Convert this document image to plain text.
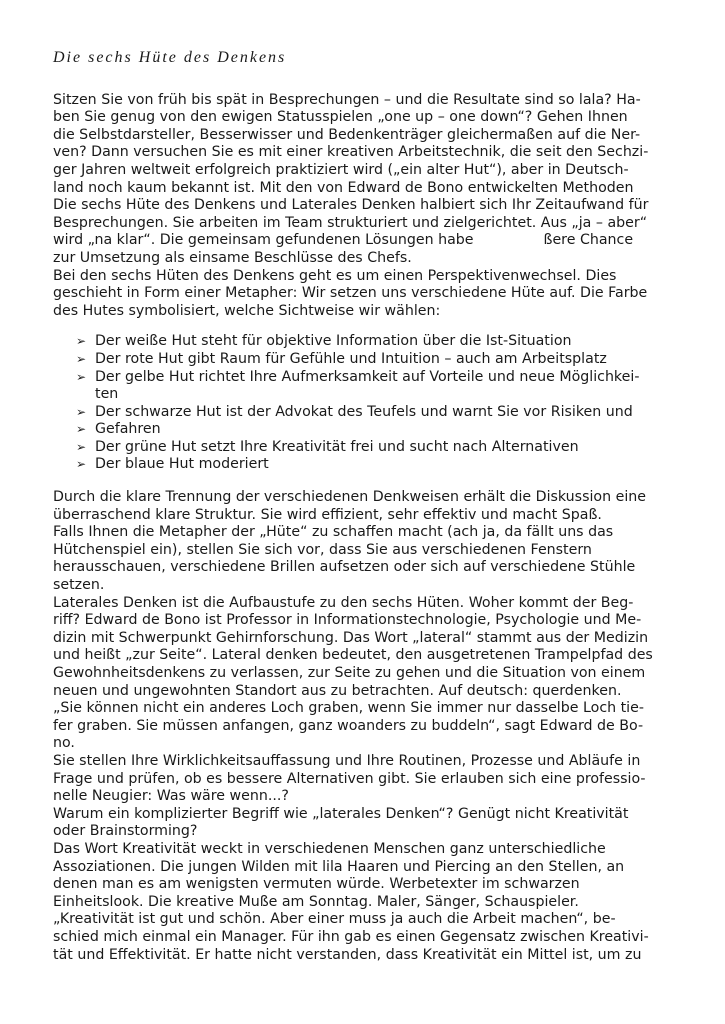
Die sechs Hüte des Denkens
Sitzen Sie von früh bis spät in Besprechungen – und die Resultate sind so lala? Ha-
ben Sie genug von den ewigen Statusspielen „one up – one down“? Gehen Ihnen
die Selbstdarsteller, Besserwisser und Bedenkenträger gleichermaßen auf die Ner-
ven? Dann versuchen Sie es mit einer kreativen Arbeitstechnik, die seit den Sechzi-
ger Jahren weltweit erfolgreich praktiziert wird („ein alter Hut“), aber in Deutsch-
land noch kaum bekannt ist. Mit den von Edward de Bono entwickelten Methoden
Die sechs Hüte des Denkens und Laterales Denken halbiert sich Ihr Zeitaufwand für
Besprechungen. Sie arbeiten im Team strukturiert und zielgerichtet. Aus „ja – aber“
wird „na klar“. Die gemeinsam gefundenen Lösungen habe	ßere Chance
zur Umsetzung als einsame Beschlüsse des Chefs.
Bei den sechs Hüten des Denkens geht es um einen Perspektivenwechsel. Dies
geschieht in Form einer Metapher: Wir setzen uns verschiedene Hüte auf. Die Farbe
des Hutes symbolisiert, welche Sichtweise wir wählen:
➢ Der weiße Hut steht für objektive Information über die Ist-Situation
➢ Der rote Hut gibt Raum für Gefühle und Intuition – auch am Arbeitsplatz
➢ Der gelbe Hut richtet Ihre Aufmerksamkeit auf Vorteile und neue Möglichkei-
ten
➢ Der schwarze Hut ist der Advokat des Teufels und warnt Sie vor Risiken und
➢ Gefahren
➢ Der grüne Hut setzt Ihre Kreativität frei und sucht nach Alternativen
➢ Der blaue Hut moderiert
Durch die klare Trennung der verschiedenen Denkweisen erhält die Diskussion eine
überraschend klare Struktur. Sie wird effizient, sehr effektiv und macht Spaß.
Falls Ihnen die Metapher der „Hüte“ zu schaffen macht (ach ja, da fällt uns das
Hütchenspiel ein), stellen Sie sich vor, dass Sie aus verschiedenen Fenstern
herausschauen, verschiedene Brillen aufsetzen oder sich auf verschiedene Stühle
setzen.
Laterales Denken ist die Aufbaustufe zu den sechs Hüten. Woher kommt der Beg-
riff? Edward de Bono ist Professor in Informationstechnologie, Psychologie und Me-
dizin mit Schwerpunkt Gehirnforschung. Das Wort „lateral“ stammt aus der Medizin
und heißt „zur Seite“. Lateral denken bedeutet, den ausgetretenen Trampelpfad des
Gewohnheitsdenkens zu verlassen, zur Seite zu gehen und die Situation von einem
neuen und ungewohnten Standort aus zu betrachten. Auf deutsch: querdenken.
„Sie können nicht ein anderes Loch graben, wenn Sie immer nur dasselbe Loch tie-
fer graben. Sie müssen anfangen, ganz woanders zu buddeln“, sagt Edward de Bo-
no.
Sie stellen Ihre Wirklichkeitsauffassung und Ihre Routinen, Prozesse und Abläufe in
Frage und prüfen, ob es bessere Alternativen gibt. Sie erlauben sich eine professio-
nelle Neugier: Was wäre wenn...?
Warum ein komplizierter Begriff wie „laterales Denken“? Genügt nicht Kreativität
oder Brainstorming?
Das Wort Kreativität weckt in verschiedenen Menschen ganz unterschiedliche
Assoziationen. Die jungen Wilden mit lila Haaren und Piercing an den Stellen, an
denen man es am wenigsten vermuten würde. Werbetexter im schwarzen
Einheitslook. Die kreative Muße am Sonntag. Maler, Sänger, Schauspieler.
„Kreativität ist gut und schön. Aber einer muss ja auch die Arbeit machen“, be-
schied mich einmal ein Manager. Für ihn gab es einen Gegensatz zwischen Kreativi-
tät und Effektivität. Er hatte nicht verstanden, dass Kreativität ein Mittel ist, um zu
